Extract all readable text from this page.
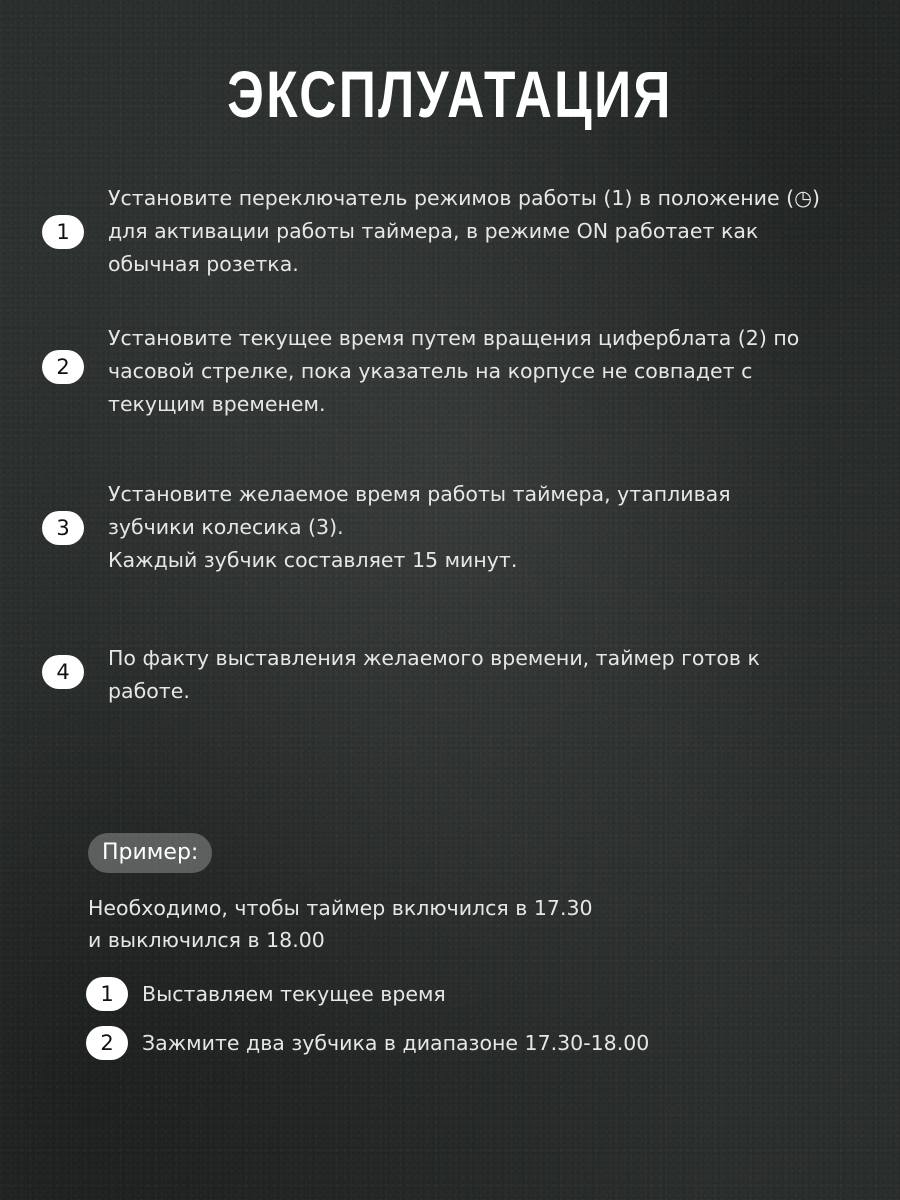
ЭКСПЛУАТАЦИЯ
1
Установите переключатель режимов работы (1) в положение (◷)
для активации работы таймера, в режиме ON работает как
обычная розетка.
2
Установите текущее время путем вращения циферблата (2) по
часовой стрелке, пока указатель на корпусе не совпадет с
текущим временем.
3
Установите желаемое время работы таймера, утапливая
зубчики колесика (3).
Каждый зубчик составляет 15 минут.
4
По факту выставления желаемого времени, таймер готов к
работе.
Пример:
Необходимо, чтобы таймер включился в 17.30
и выключился в 18.00
1	Выставляем текущее время
2	Зажмите два зубчика в диапазоне 17.30-18.00
